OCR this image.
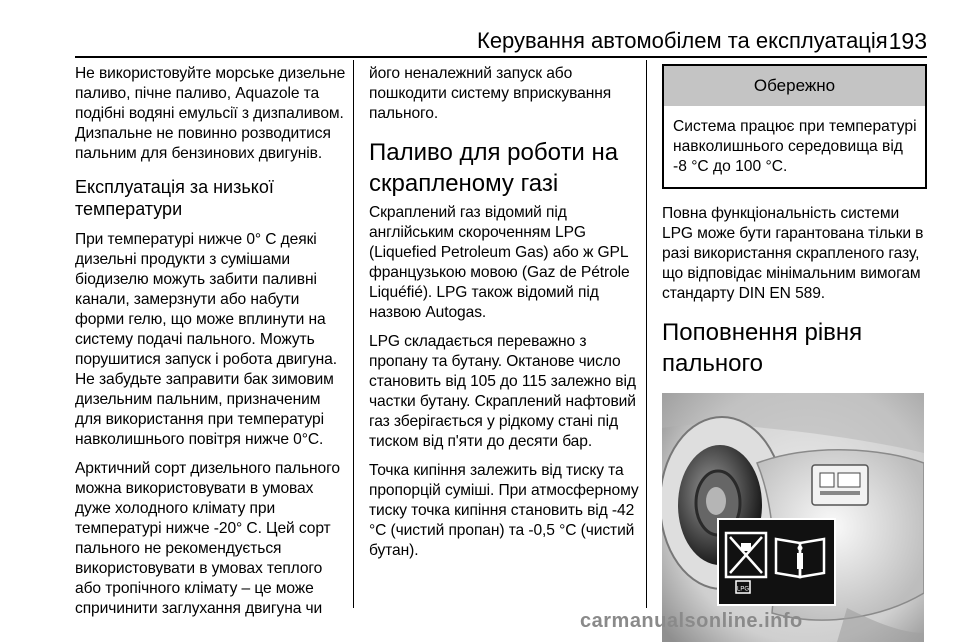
Керування автомобілем та експлуатація 193

Не використовуйте морське дизельне паливо, пічне паливо, Aquazole та подібні водяні емульсії з дизпаливом. Дизпальне не повинно розводитися пальним для бензинових двигунів.

Експлуатація за низької температури

При температурі нижче 0° C деякі дизельні продукти з сумішами біодизелю можуть забити паливні канали, замерзнути або набути форми гелю, що може вплинути на систему подачі пального. Можуть порушитися запуск і робота двигуна. Не забудьте заправити бак зимовим дизельним пальним, призначеним для використання при температурі навколишнього повітря нижче 0°C.

Арктичний сорт дизельного пального можна використовувати в умовах дуже холодного клімату при температурі нижче -20° C. Цей сорт пального не рекомендується використовувати в умовах теплого або тропічного клімату – це може спричинити заглухання двигуна чи

його неналежний запуск або пошкодити систему вприскування пального.

Паливо для роботи на скрапленому газі

Скраплений газ відомий під англійським скороченням LPG (Liquefied Petroleum Gas) або ж GPL французькою мовою (Gaz de Pétrole Liquéfié). LPG також відомий під назвою Autogas.

LPG складається переважно з пропану та бутану. Октанове число становить від 105 до 115 залежно від частки бутану. Скраплений нафтовий газ зберігається у рідкому стані під тиском від п'яти до десяти бар.

Точка кипіння залежить від тиску та пропорцій суміші. При атмосферному тиску точка кипіння становить від -42 °C (чистий пропан) та -0,5 °C (чистий бутан).

Обережно
Система працює при температурі навколишнього середовища від -8 °C до 100 °C.

Повна функціональність системи LPG може бути гарантована тільки в разі використання скрапленого газу, що відповідає мінімальним вимогам стандарту DIN EN 589.

Поповнення рівня пального
LPG
carmanualsonline.info
